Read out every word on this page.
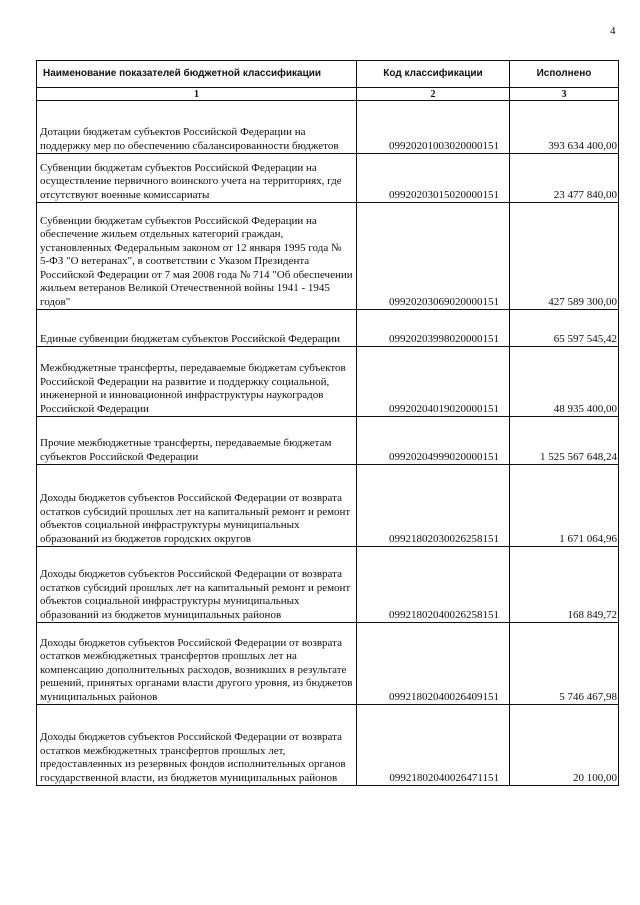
4
Наименование показателей бюджетной классификации	Код классификации	Исполнено
1	2	3
Дотации бюджетам субъектов Российской Федерации на поддержку мер по обеспечению сбалансированности бюджетов	09920201003020000151	393 634 400,00
Субвенции бюджетам субъектов Российской Федерации на осуществление первичного воинского учета на территориях, где отсутствуют военные комиссариаты	09920203015020000151	23 477 840,00
Субвенции бюджетам субъектов Российской Федерации на обеспечение жильем отдельных категорий граждан, установленных Федеральным законом от 12 января 1995 года № 5-ФЗ "О ветеранах", в соответствии с Указом Президента Российской Федерации от 7 мая 2008 года № 714 "Об обеспечении жильем ветеранов Великой Отечественной войны 1941 - 1945 годов"	09920203069020000151	427 589 300,00
Единые субвенции бюджетам субъектов Российской Федерации	09920203998020000151	65 597 545,42
Межбюджетные трансферты, передаваемые бюджетам субъектов Российской Федерации на развитие и поддержку социальной, инженерной и инновационной инфраструктуры наукоградов Российской Федерации	09920204019020000151	48 935 400,00
Прочие межбюджетные трансферты, передаваемые бюджетам субъектов Российской Федерации	09920204999020000151	1 525 567 648,24
Доходы бюджетов субъектов Российской Федерации от возврата остатков субсидий прошлых лет на капитальный ремонт и ремонт объектов социальной инфраструктуры муниципальных образований из бюджетов городских округов	09921802030026258151	1 671 064,96
Доходы бюджетов субъектов Российской Федерации от возврата остатков субсидий прошлых лет на капитальный ремонт и ремонт объектов социальной инфраструктуры муниципальных образований из бюджетов муниципальных районов	09921802040026258151	168 849,72
Доходы бюджетов субъектов Российской Федерации от возврата остатков межбюджетных трансфертов прошлых лет на компенсацию дополнительных расходов, возникших в результате решений, принятых органами власти другого уровня, из бюджетов муниципальных районов	09921802040026409151	5 746 467,98
Доходы бюджетов субъектов Российской Федерации от возврата остатков межбюджетных трансфертов прошлых лет, предоставленных из резервных фондов исполнительных органов государственной власти, из бюджетов муниципальных районов	09921802040026471151	20 100,00
